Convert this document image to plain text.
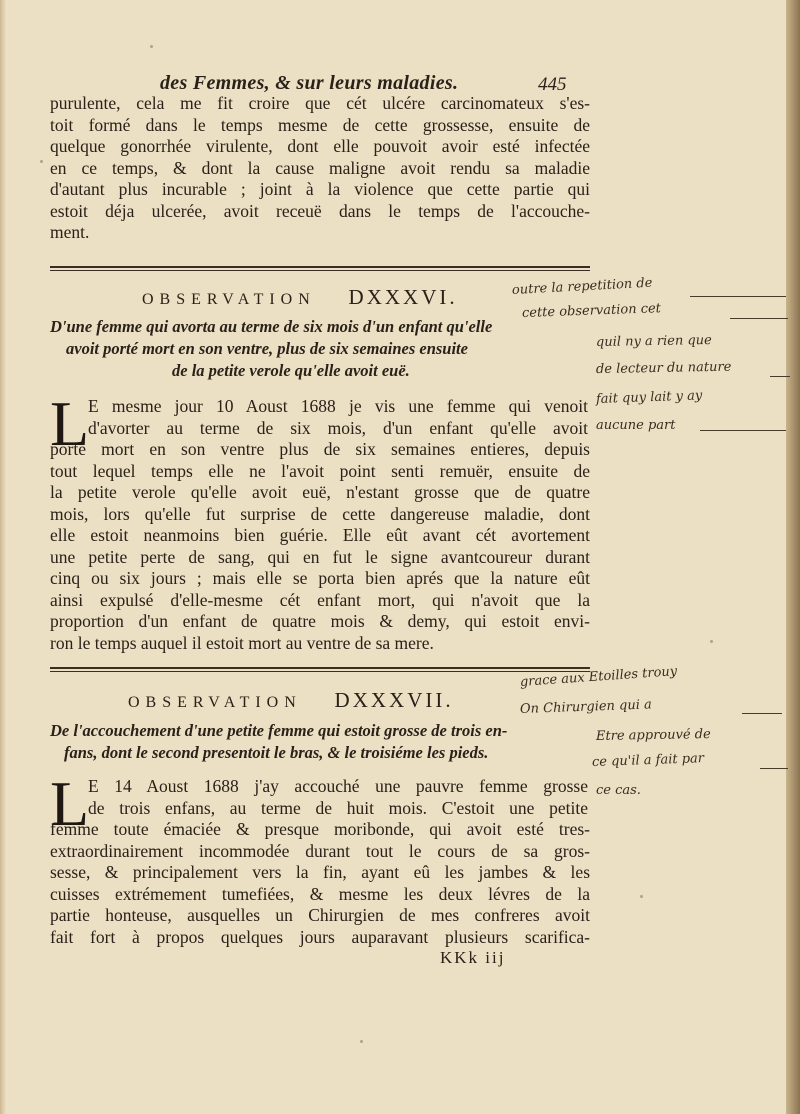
des Femmes, & sur leurs maladies.	445
purulente, cela me fit croire que cét ulcére carcinomateux s'es-
toit formé dans le temps mesme de cette grossesse, ensuite de
quelque gonorrhée virulente, dont elle pouvoit avoir esté infectée
en ce temps, & dont la cause maligne avoit rendu sa maladie
d'autant plus incurable ; joint à la violence que cette partie qui
estoit déja ulcerée, avoit receuë dans le temps de l'accouche-
ment.
OBSERVATION DXXXVI.
D'une femme qui avorta au terme de six mois d'un enfant qu'elle
avoit porté mort en son ventre, plus de six semaines ensuite
de la petite verole qu'elle avoit euë.
L
E mesme jour 10 Aoust 1688 je vis une femme qui venoit
d'avorter au terme de six mois, d'un enfant qu'elle avoit
porté mort en son ventre plus de six semaines entieres, depuis
tout lequel temps elle ne l'avoit point senti remuër, ensuite de
la petite verole qu'elle avoit euë, n'estant grosse que de quatre
mois, lors qu'elle fut surprise de cette dangereuse maladie, dont
elle estoit neanmoins bien guérie. Elle eût avant cét avortement
une petite perte de sang, qui en fut le signe avantcoureur durant
cinq ou six jours ; mais elle se porta bien aprés que la nature eût
ainsi expulsé d'elle-mesme cét enfant mort, qui n'avoit que la
proportion d'un enfant de quatre mois & demy, qui estoit envi-
ron le temps auquel il estoit mort au ventre de sa mere.
OBSERVATION DXXXVII.
De l'accouchement d'une petite femme qui estoit grosse de trois en-
fans, dont le second presentoit le bras, & le troisiéme les pieds.
L
E 14 Aoust 1688 j'ay accouché une pauvre femme grosse
de trois enfans, au terme de huit mois. C'estoit une petite
femme toute émaciée & presque moribonde, qui avoit esté tres-
extraordinairement incommodée durant tout le cours de sa gros-
sesse, & principalement vers la fin, ayant eû les jambes & les
cuisses extrémement tumefiées, & mesme les deux lévres de la
partie honteuse, ausquelles un Chirurgien de mes confreres avoit
fait fort à propos quelques jours auparavant plusieurs scarifica-
KKk iij
outre la repetition de
cette observation cet
quil ny a rien que
de lecteur du nature
fait quy lait y ay
aucune part
grace aux Etoilles trouy
On Chirurgien qui a
Etre approuvé de
ce qu'il a fait par
ce cas.
